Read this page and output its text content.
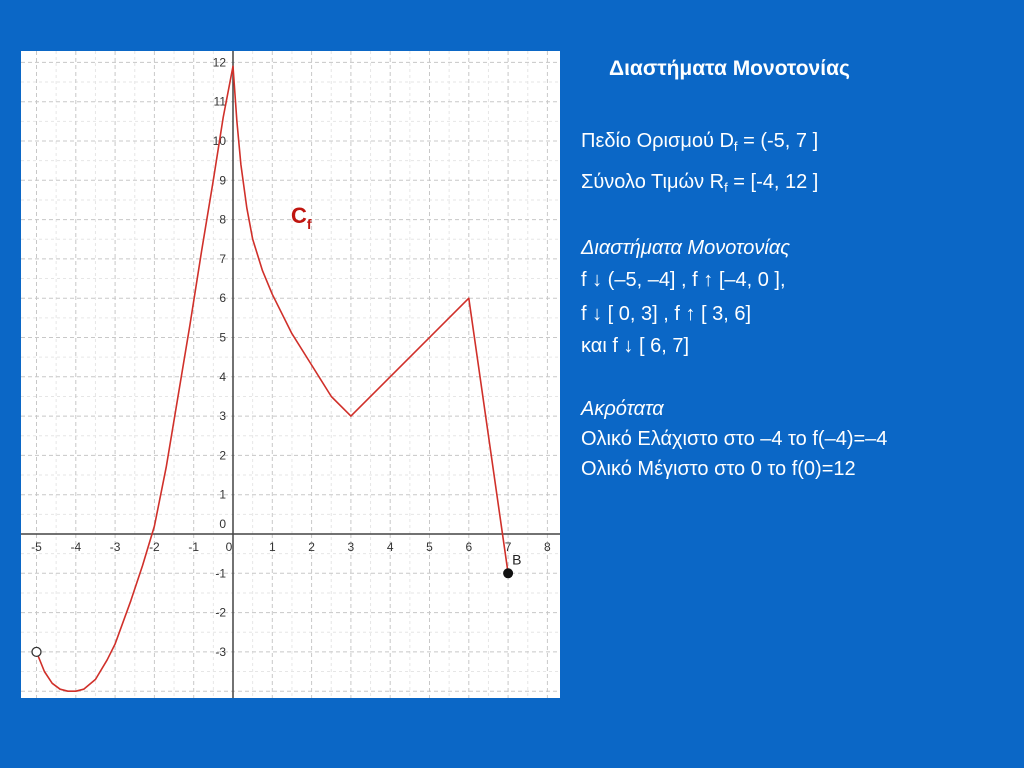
-5 -4 -3 -2 -1 0	1	2	3	4	5	6	7	8
12
11
10
9
8
7
6
5
4
3
2
1
0
-1
-2
-3
B
$C_f$
Διαστήματα Μονοτονίας
Πεδίο Ορισμού $D_f = (-5$, 7 ]
Σύνολο Τιμών $R_f = [-4$, 12 ]
Διαστήματα Μονοτονίας
f ↓ (–5, –4] , f ↑ [–4, 0 ],
f ↓ [ 0, 3] , f ↑ [ 3, 6]
και f ↓ [ 6, 7]
Ακρότατα
Ολικό Ελάχιστο στο –4 το f(–4)=–4
Ολικό Μέγιστο στο 0 το f(0)=12
